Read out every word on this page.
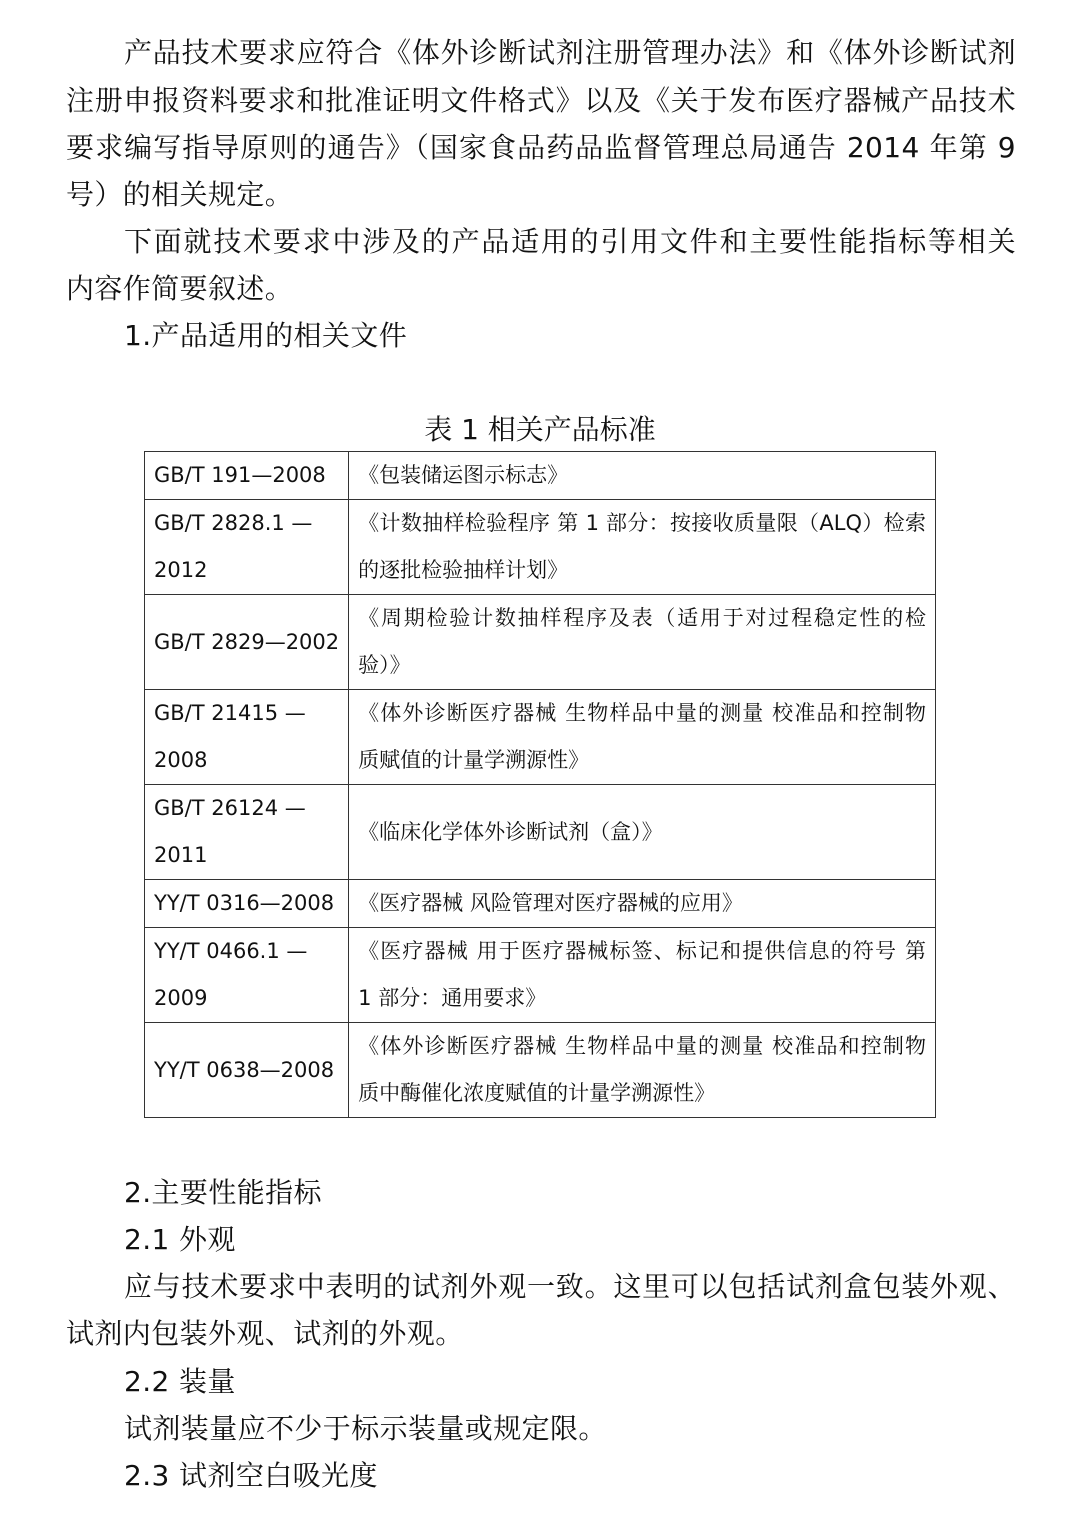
产品技术要求应符合《体外诊断试剂注册管理办法》和《体外诊断试剂
注册申报资料要求和批准证明文件格式》以及《关于发布医疗器械产品技术
要求编写指导原则的通告》（国家食品药品监督管理总局通告 2014 年第 9
号）的相关规定。
下面就技术要求中涉及的产品适用的引用文件和主要性能指标等相关
内容作简要叙述。
1.产品适用的相关文件
表 1 相关产品标准
GB/T 191—2008	《包装储运图示标志》

GB/T 2828.1 —
2012	《计数抽样检验程序 第 1 部分：按接收质量限（ALQ）检索
的逐批检验抽样计划》

GB/T 2829—2002	《周期检验计数抽样程序及表（适用于对过程稳定性的检
验）》

GB/T 21415 —
2008	《体外诊断医疗器械 生物样品中量的测量 校准品和控制物
质赋值的计量学溯源性》

GB/T 26124 —
2011	《临床化学体外诊断试剂（盒）》

YY/T 0316—2008	《医疗器械 风险管理对医疗器械的应用》

YY/T 0466.1 —
2009	《医疗器械 用于医疗器械标签、标记和提供信息的符号 第
1 部分：通用要求》

YY/T 0638—2008	《体外诊断医疗器械 生物样品中量的测量 校准品和控制物
质中酶催化浓度赋值的计量学溯源性》
2.主要性能指标
2.1 外观
应与技术要求中表明的试剂外观一致。这里可以包括试剂盒包装外观、
试剂内包装外观、试剂的外观。
2.2 装量
试剂装量应不少于标示装量或规定限。
2.3 试剂空白吸光度
